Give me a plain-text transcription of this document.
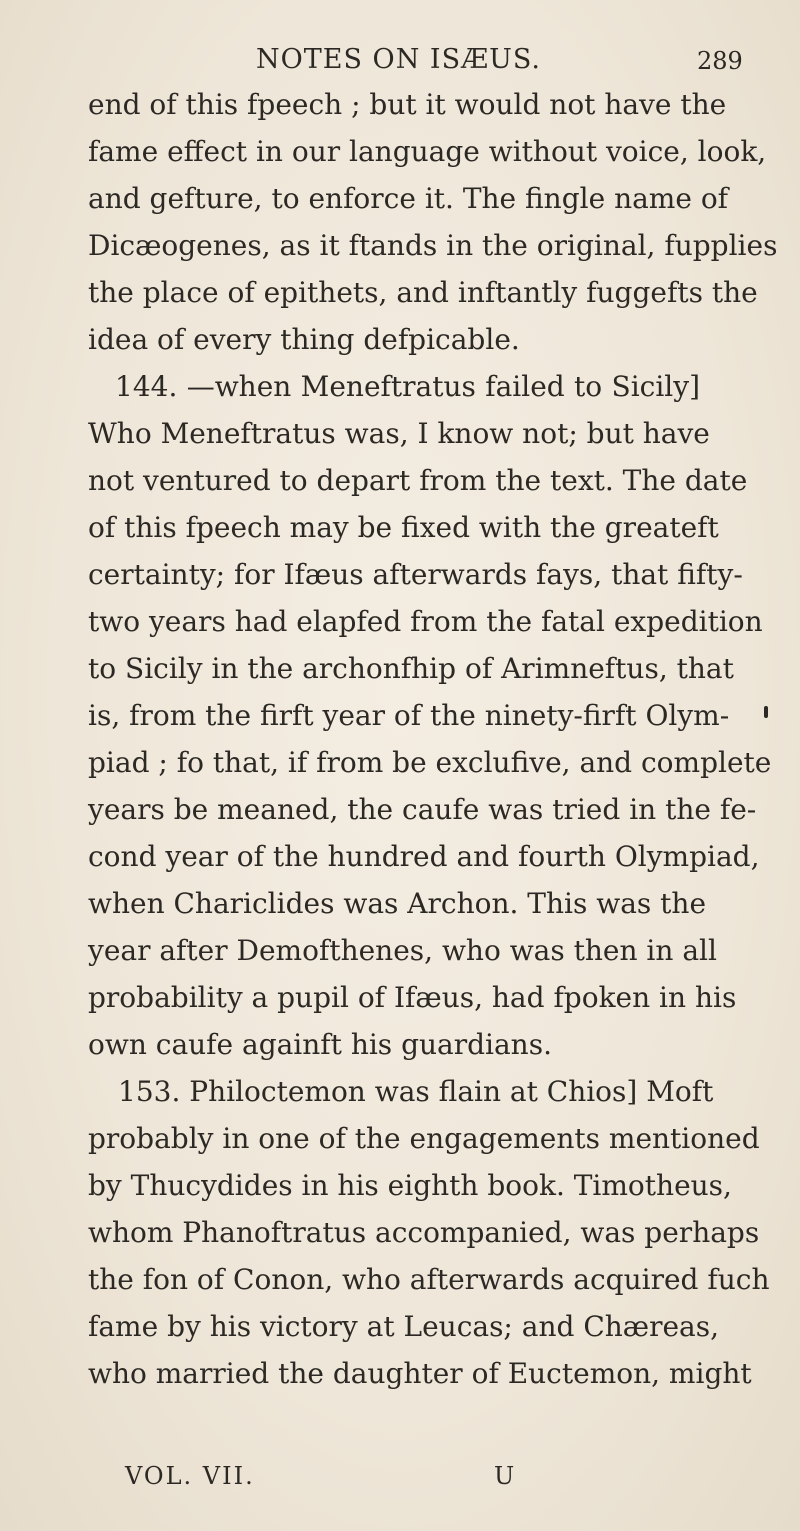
NOTES ON ISÆUS.	289
end of this fpeech ; but it would not have the
fame effect in our language without voice, look,
and gefture, to enforce it. The fingle name of
Dicæogenes, as it ftands in the original, fupplies
the place of epithets, and inftantly fuggefts the
idea of every thing defpicable.
144. —when Meneftratus failed to Sicily]
Who Meneftratus was, I know not; but have
not ventured to depart from the text. The date
of this fpeech may be fixed with the greateft
certainty; for Ifæus afterwards fays, that fifty-
two years had elapfed from the fatal expedition
to Sicily in the archonfhip of Arimneftus, that
is, from the firft year of the ninety-firft Olym-
piad ; fo that, if from be exclufive, and complete
years be meaned, the caufe was tried in the fe-
cond year of the hundred and fourth Olympiad,
when Chariclides was Archon. This was the
year after Demofthenes, who was then in all
probability a pupil of Ifæus, had fpoken in his
own caufe againft his guardians.
153. Philoctemon was flain at Chios] Moft
probably in one of the engagements mentioned
by Thucydides in his eighth book. Timotheus,
whom Phanoftratus accompanied, was perhaps
the fon of Conon, who afterwards acquired fuch
fame by his victory at Leucas; and Chæreas,
who married the daughter of Euctemon, might
VOL. VII.	U
